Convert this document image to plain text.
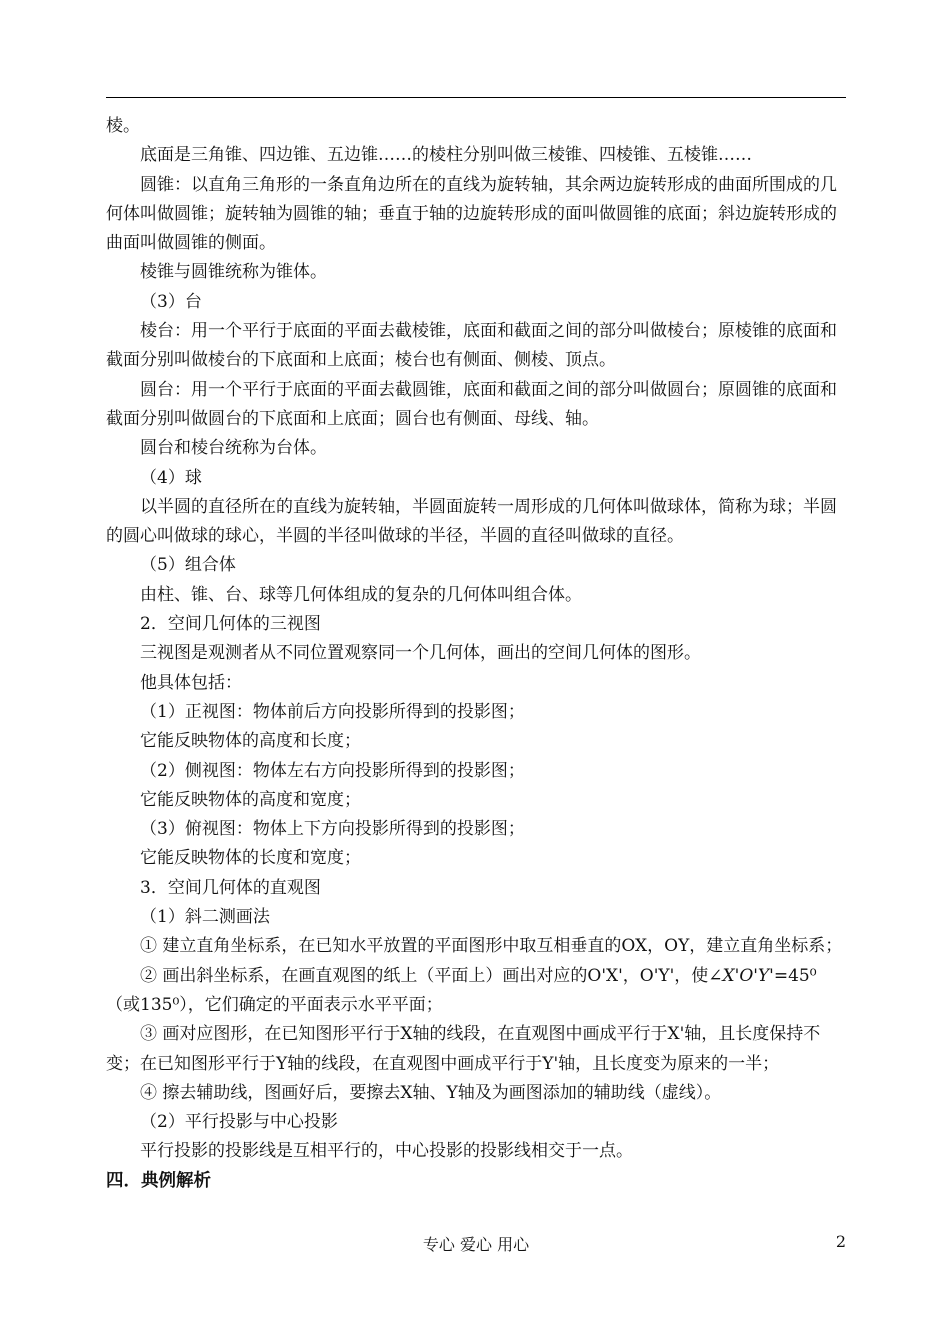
棱。

底面是三角锥、四边锥、五边锥……的棱柱分别叫做三棱锥、四棱锥、五棱锥……

圆锥：以直角三角形的一条直角边所在的直线为旋转轴，其余两边旋转形成的曲面所围成的几何体叫做圆锥；旋转轴为圆锥的轴；垂直于轴的边旋转形成的面叫做圆锥的底面；斜边旋转形成的曲面叫做圆锥的侧面。

棱锥与圆锥统称为锥体。

（3）台

棱台：用一个平行于底面的平面去截棱锥，底面和截面之间的部分叫做棱台；原棱锥的底面和截面分别叫做棱台的下底面和上底面；棱台也有侧面、侧棱、顶点。

圆台：用一个平行于底面的平面去截圆锥，底面和截面之间的部分叫做圆台；原圆锥的底面和截面分别叫做圆台的下底面和上底面；圆台也有侧面、母线、轴。

圆台和棱台统称为台体。

（4）球

以半圆的直径所在的直线为旋转轴，半圆面旋转一周形成的几何体叫做球体，简称为球；半圆的圆心叫做球的球心，半圆的半径叫做球的半径，半圆的直径叫做球的直径。

（5）组合体

由柱、锥、台、球等几何体组成的复杂的几何体叫组合体。

2．空间几何体的三视图

三视图是观测者从不同位置观察同一个几何体，画出的空间几何体的图形。

他具体包括：

（1）正视图：物体前后方向投影所得到的投影图；

它能反映物体的高度和长度；

（2）侧视图：物体左右方向投影所得到的投影图；

它能反映物体的高度和宽度；

（3）俯视图：物体上下方向投影所得到的投影图；

它能反映物体的长度和宽度；

3．空间几何体的直观图

（1）斜二测画法

① 建立直角坐标系，在已知水平放置的平面图形中取互相垂直的OX，OY，建立直角坐标系；

② 画出斜坐标系，在画直观图的纸上（平面上）画出对应的O'X'，O'Y'，使∠X'O'Y'=45⁰（或135⁰），它们确定的平面表示水平平面；

③ 画对应图形，在已知图形平行于X轴的线段，在直观图中画成平行于X'轴，且长度保持不变；在已知图形平行于Y轴的线段，在直观图中画成平行于Y'轴，且长度变为原来的一半；

④ 擦去辅助线，图画好后，要擦去X轴、Y轴及为画图添加的辅助线（虚线）。

（2）平行投影与中心投影

平行投影的投影线是互相平行的，中心投影的投影线相交于一点。

四．典例解析

专心 爱心 用心	2
